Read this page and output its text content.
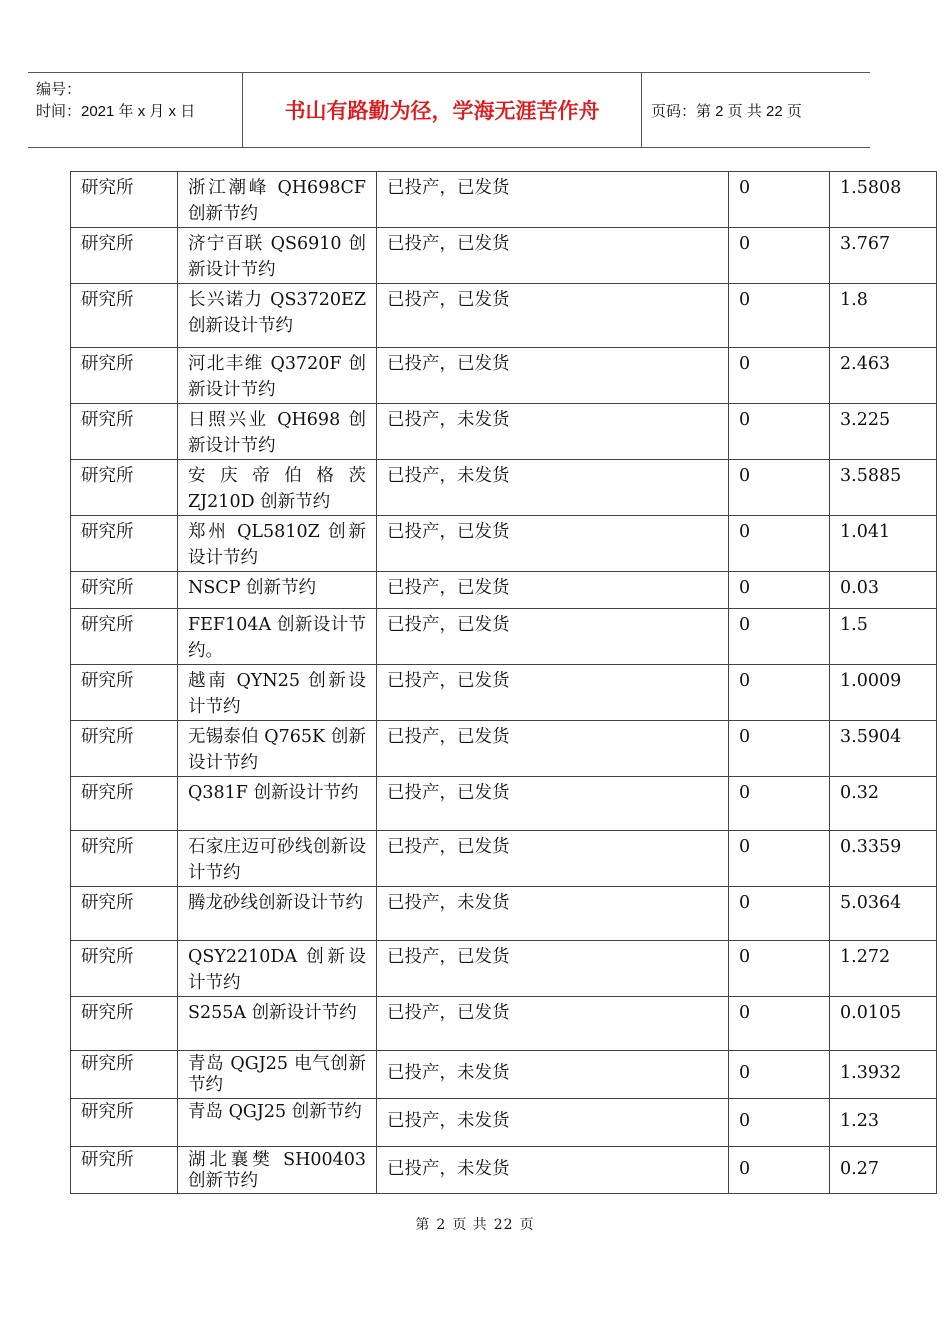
编号：
时间：2021 年 x 月 x 日	书山有路勤为径，学海无涯苦作舟	页码：第 2 页 共 22 页
研究所	浙江潮峰 QH698CF 创新节约	已投产，已发货	0	1.5808
研究所	济宁百联 QS6910 创新设计节约	已投产，已发货	0	3.767
研究所	长兴诺力 QS3720EZ 创新设计节约	已投产，已发货	0	1.8
研究所	河北丰维 Q3720F 创新设计节约	已投产，已发货	0	2.463
研究所	日照兴业 QH698 创新设计节约	已投产，未发货	0	3.225
研究所	安 庆 帝 伯 格 茨 ZJ210D 创新节约	已投产，未发货	0	3.5885
研究所	郑州 QL5810Z 创新设计节约	已投产，已发货	0	1.041
研究所	NSCP 创新节约	已投产，已发货	0	0.03
研究所	FEF104A 创新设计节约。	已投产，已发货	0	1.5
研究所	越南 QYN25 创新设计节约	已投产，已发货	0	1.0009
研究所	无锡泰伯 Q765K 创新设计节约	已投产，已发货	0	3.5904
研究所	Q381F 创新设计节约	已投产，已发货	0	0.32
研究所	石家庄迈可砂线创新设计节约	已投产，已发货	0	0.3359
研究所	腾龙砂线创新设计节约	已投产，未发货	0	5.0364
研究所	QSY2210DA 创新设计节约	已投产，已发货	0	1.272
研究所	S255A 创新设计节约	已投产，已发货	0	0.0105
研究所	青岛 QGJ25 电气创新节约	已投产，未发货	0	1.3932
研究所	青岛 QGJ25 创新节约	已投产，未发货	0	1.23
研究所	湖北襄樊 SH00403 创新节约	已投产，未发货	0	0.27
第 2 页 共 22 页
